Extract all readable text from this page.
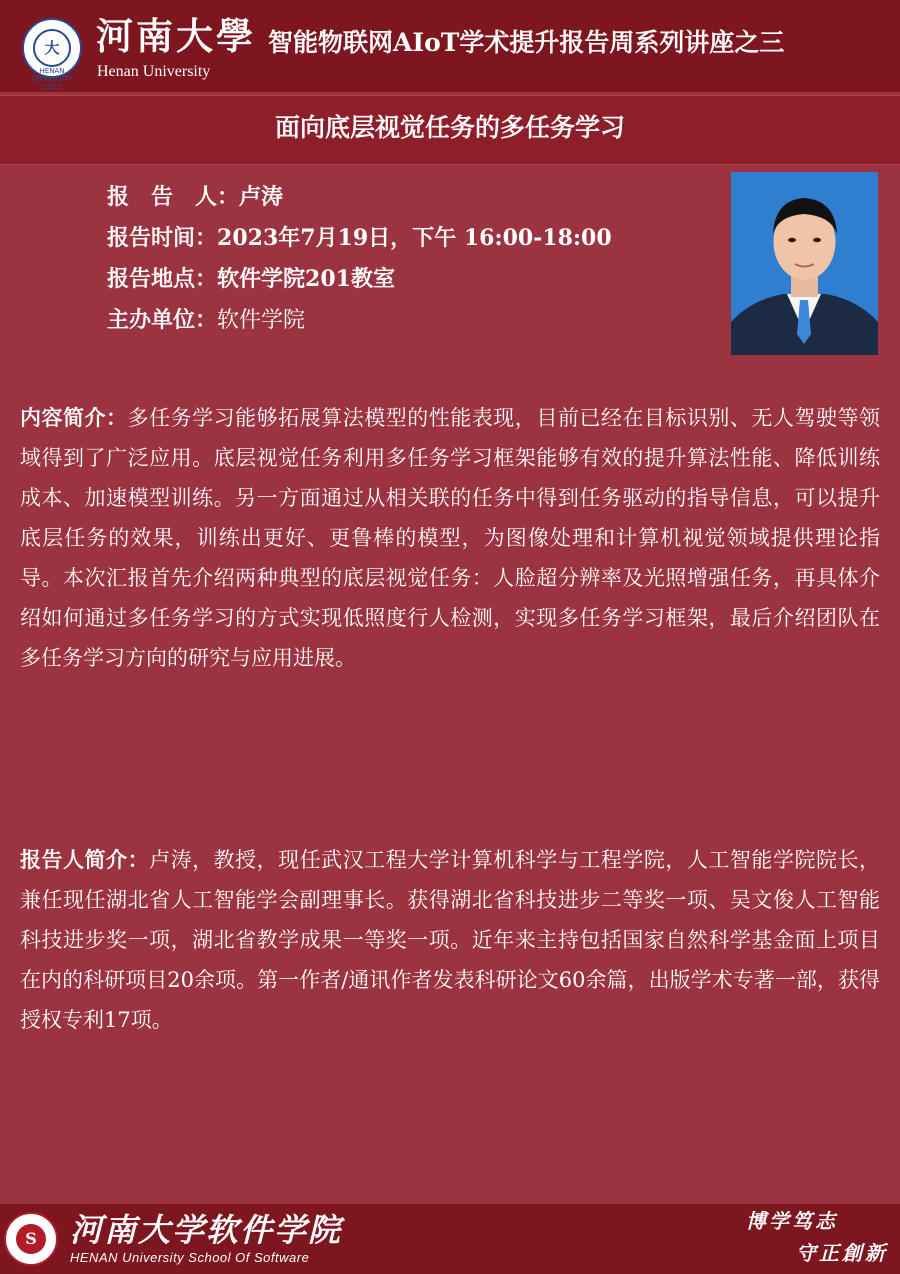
大
HENAN UNIVERSITY 1912
河南大學
Henan University
智能物联网AIoT学术提升报告周系列讲座之三
面向底层视觉任务的多任务学习
报　告　人：卢涛
报告时间：2023年7月19日，下午 16:00-18:00
报告地点：软件学院201教室
主办单位：软件学院
内容简介：多任务学习能够拓展算法模型的性能表现，目前已经在目标识别、无人驾驶等领域得到了广泛应用。底层视觉任务利用多任务学习框架能够有效的提升算法性能、降低训练成本、加速模型训练。另一方面通过从相关联的任务中得到任务驱动的指导信息，可以提升底层任务的效果，训练出更好、更鲁棒的模型，为图像处理和计算机视觉领域提供理论指导。本次汇报首先介绍两种典型的底层视觉任务：人脸超分辨率及光照增强任务，再具体介绍如何通过多任务学习的方式实现低照度行人检测，实现多任务学习框架，最后介绍团队在多任务学习方向的研究与应用进展。
报告人简介：卢涛，教授，现任武汉工程大学计算机科学与工程学院，人工智能学院院长，兼任现任湖北省人工智能学会副理事长。获得湖北省科技进步二等奖一项、吴文俊人工智能科技进步奖一项，湖北省教学成果一等奖一项。近年来主持包括国家自然科学基金面上项目在内的科研项目20余项。第一作者/通讯作者发表科研论文60余篇，出版学术专著一部，获得授权专利17项。
S 河南大学软件学院
HENAN University School Of Software
博学笃志
守正創新
